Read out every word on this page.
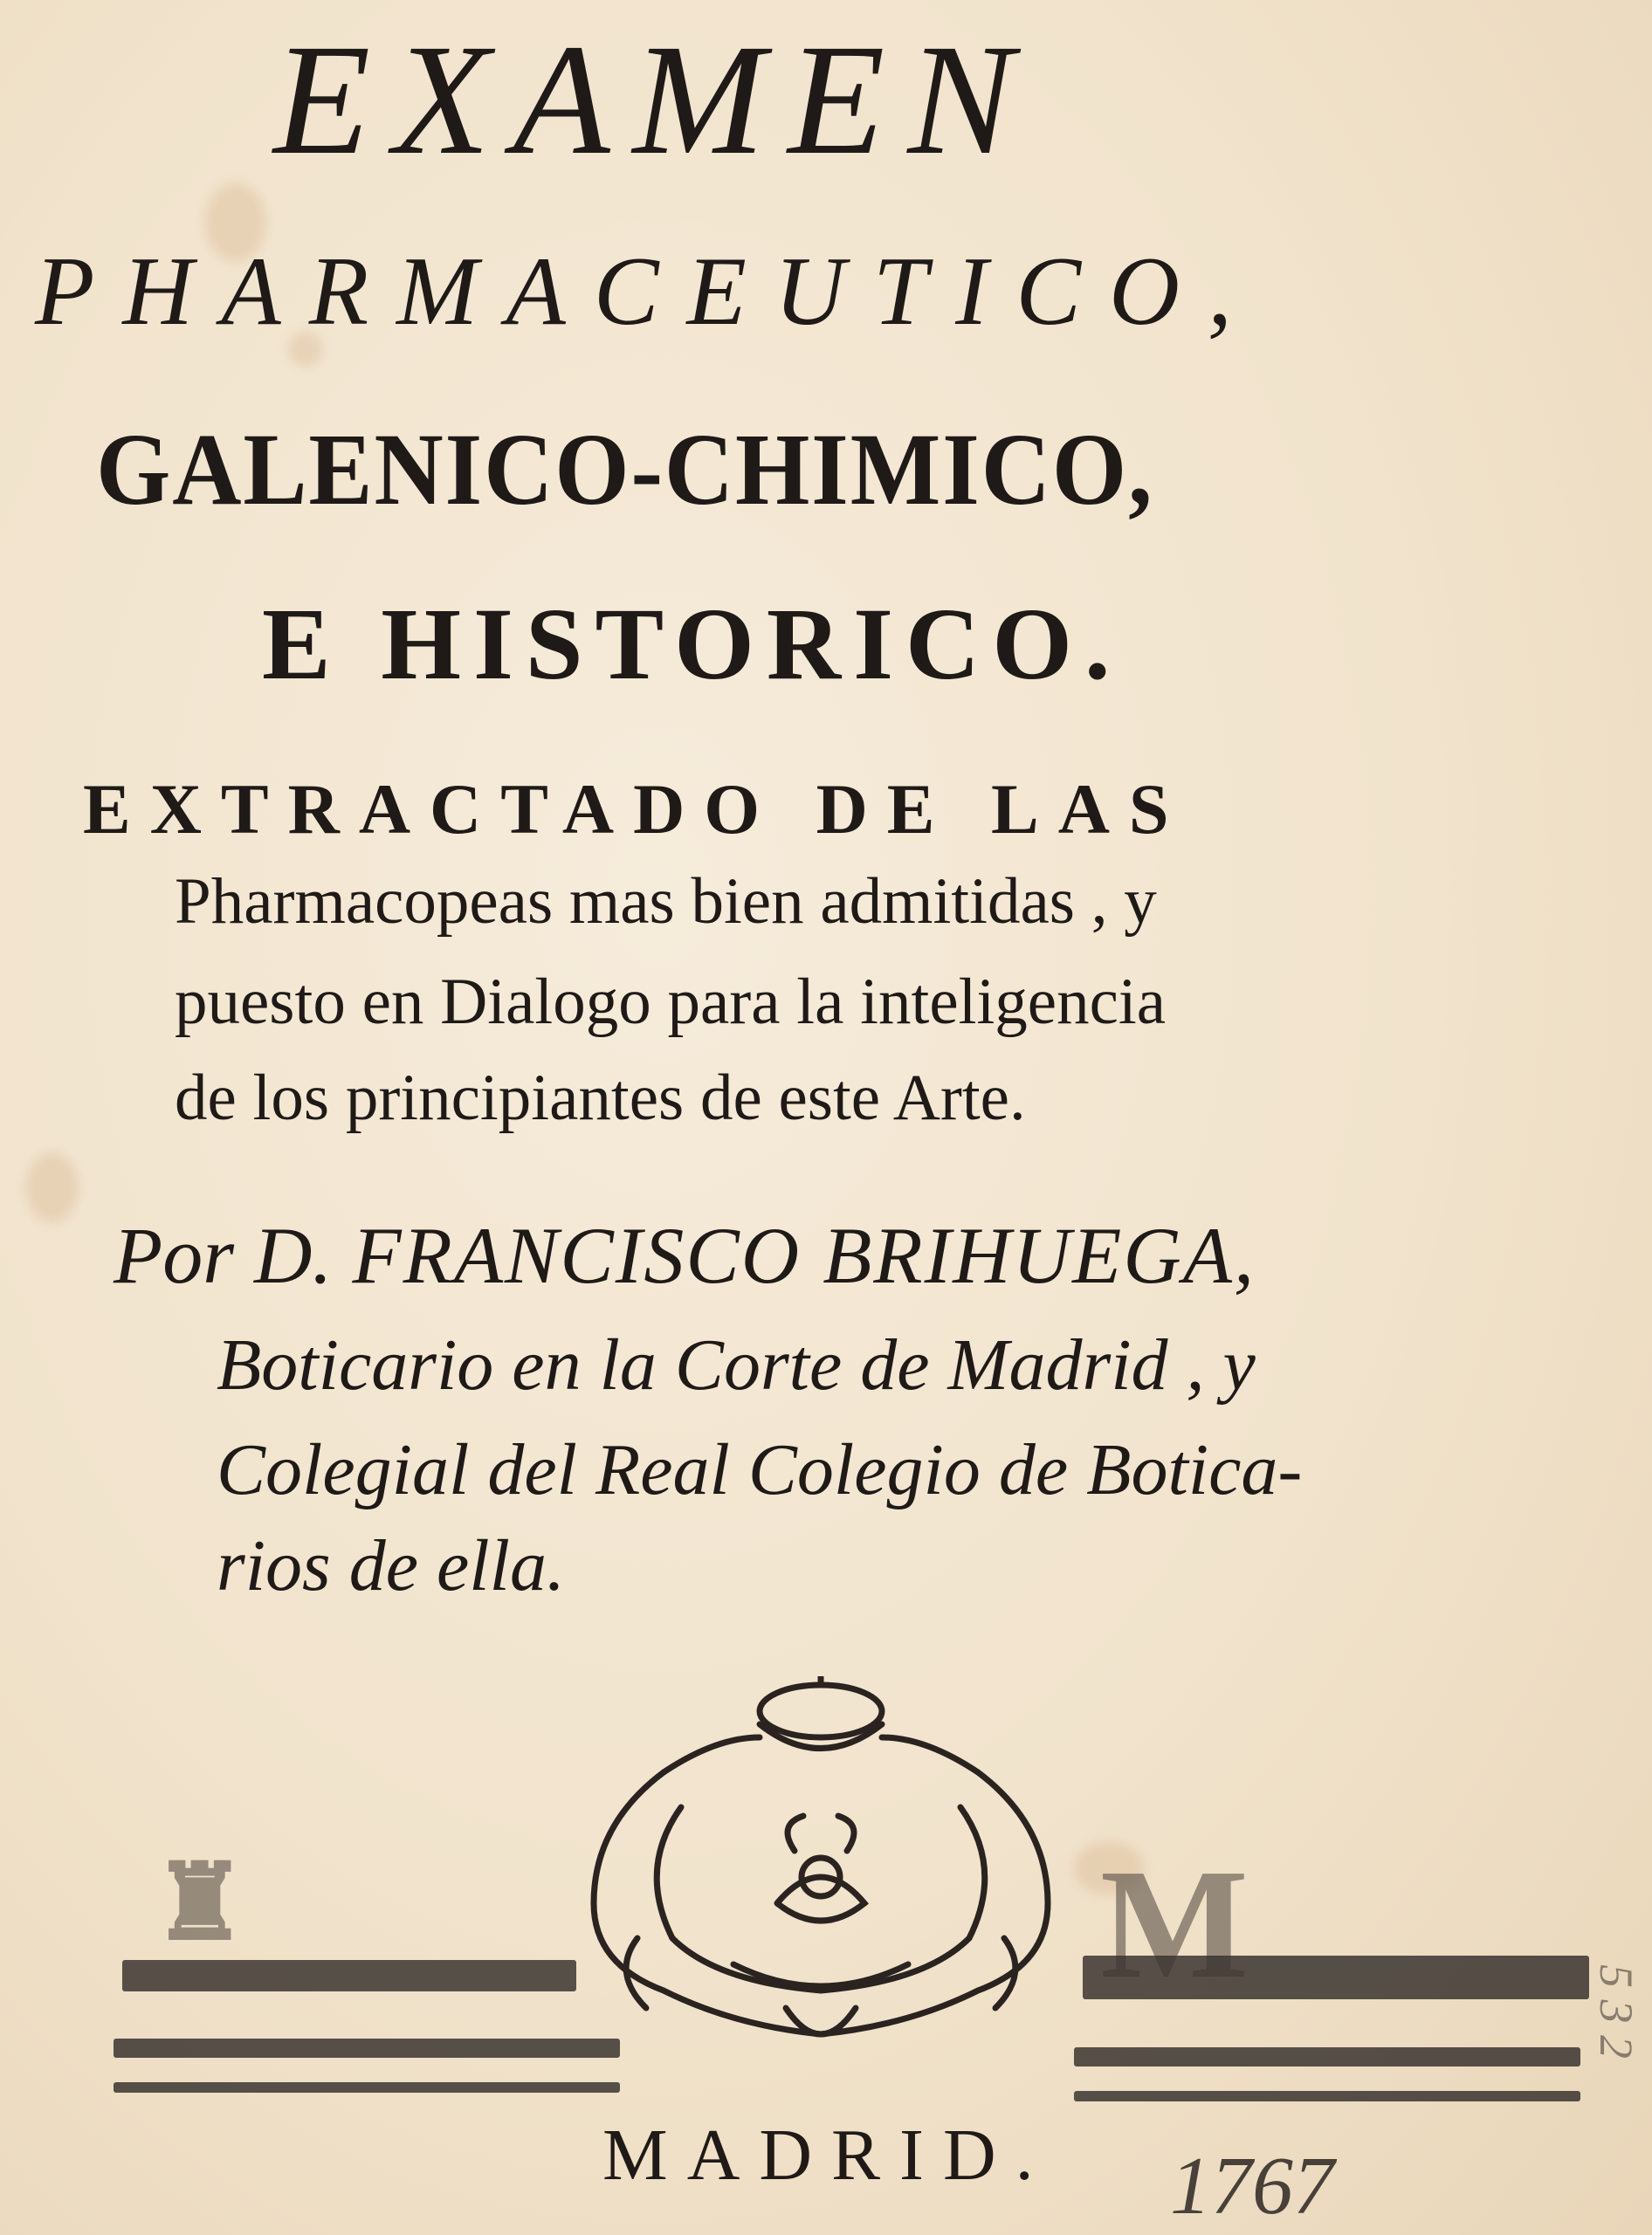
EXAMEN
PHARMACEUTICO,
GALENICO-CHIMICO,
E HISTORICO.
EXTRACTADO DE LAS
Pharmacopeas mas bien admitidas , y
puesto en Dialogo para la inteligencia
de los principiantes de este Arte.
Por D. FRANCISCO BRIHUEGA,
Boticario en la Corte de Madrid , y
Colegial del Real Colegio de Botica-
rios de ella.
M
♜
MADRID. 1767
5 3 2
